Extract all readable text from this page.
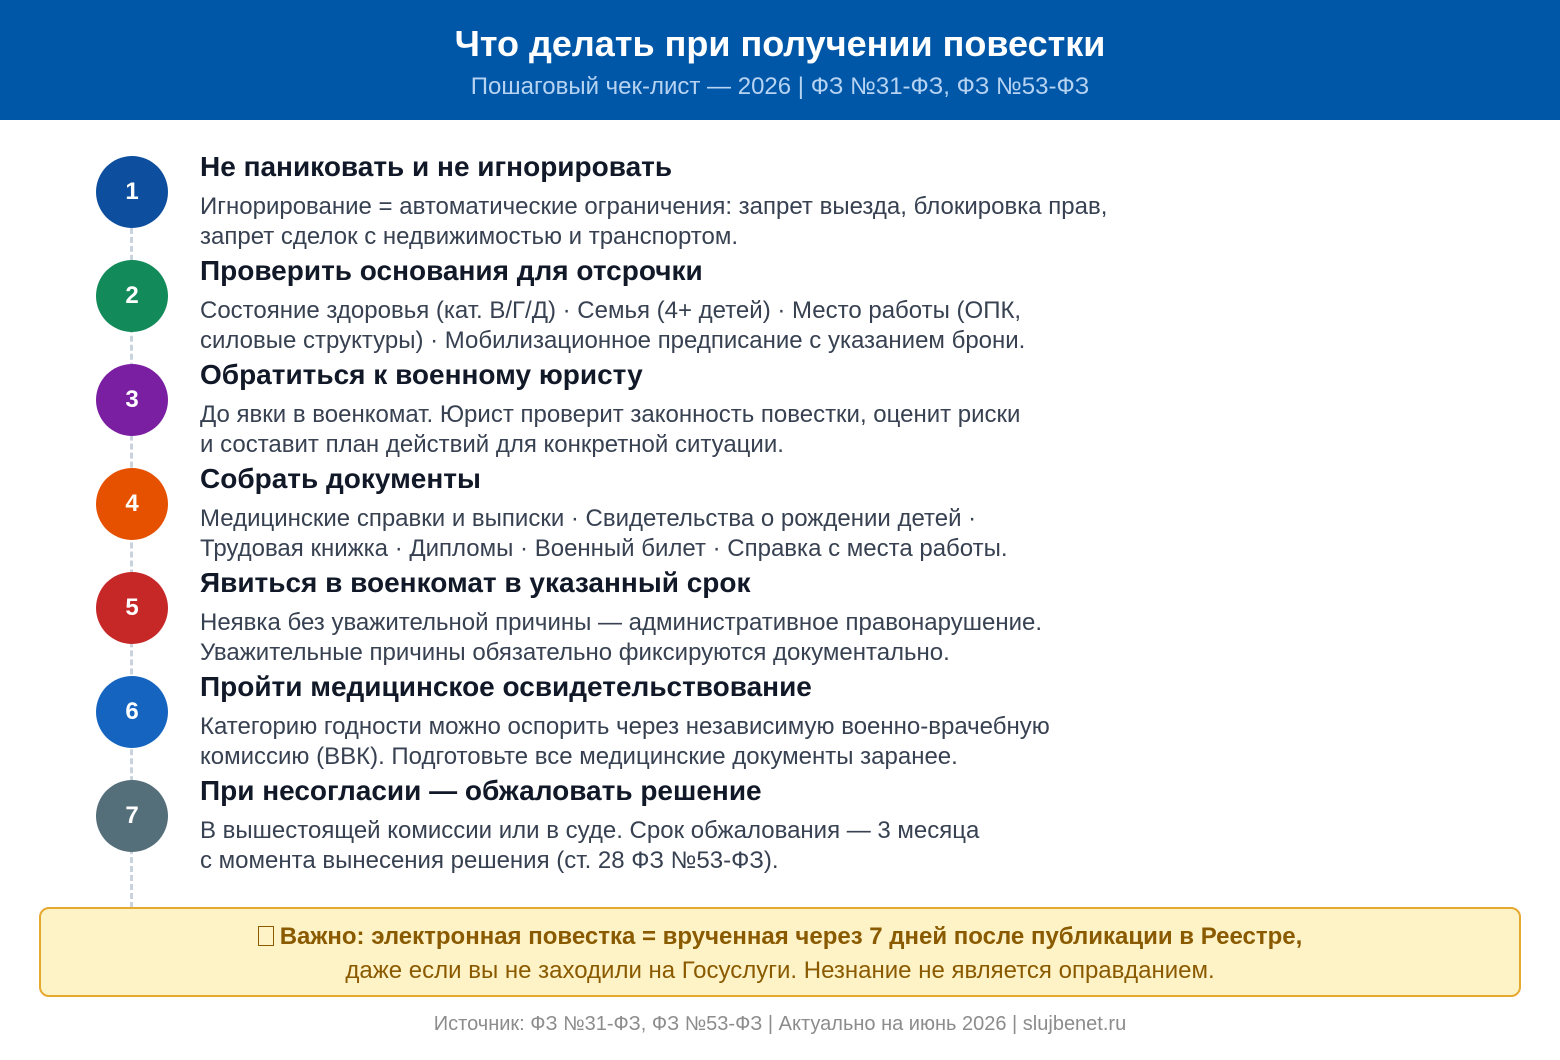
Что делать при получении повестки
Пошаговый чек-лист — 2026 | ФЗ №31-ФЗ, ФЗ №53-ФЗ
1
Не паниковать и не игнорировать
Игнорирование = автоматические ограничения: запрет выезда, блокировка прав,
запрет сделок с недвижимостью и транспортом.
2
Проверить основания для отсрочки
Состояние здоровья (кат. В/Г/Д) · Семья (4+ детей) · Место работы (ОПК,
силовые структуры) · Мобилизационное предписание с указанием брони.
3
Обратиться к военному юристу
До явки в военкомат. Юрист проверит законность повестки, оценит риски
и составит план действий для конкретной ситуации.
4
Собрать документы
Медицинские справки и выписки · Свидетельства о рождении детей ·
Трудовая книжка · Дипломы · Военный билет · Справка с места работы.
5
Явиться в военкомат в указанный срок
Неявка без уважительной причины — административное правонарушение.
Уважительные причины обязательно фиксируются документально.
6
Пройти медицинское освидетельствование
Категорию годности можно оспорить через независимую военно-врачебную
комиссию (ВВК). Подготовьте все медицинские документы заранее.
7
При несогласии — обжаловать решение
В вышестоящей комиссии или в суде. Срок обжалования — 3 месяца
с момента вынесения решения (ст. 28 ФЗ №53-ФЗ).
Важно: электронная повестка = врученная через 7 дней после публикации в Реестре,
даже если вы не заходили на Госуслуги. Незнание не является оправданием.
Источник: ФЗ №31-ФЗ, ФЗ №53-ФЗ | Актуально на июнь 2026 | slujbenet.ru
